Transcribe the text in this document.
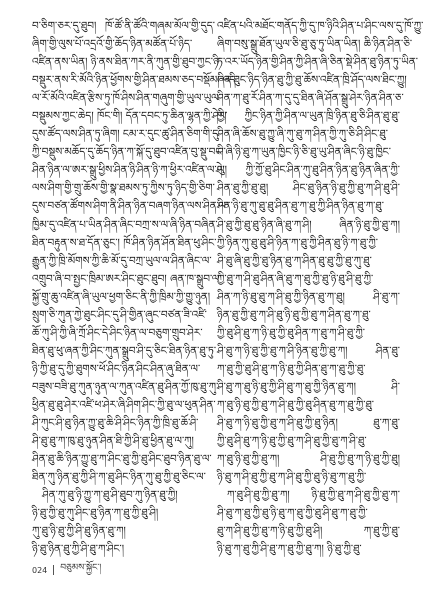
བ་ཅིག་ཅར་དུ་ཐུབ། ཁོ་ཚོ་ནི་ཚོའི་གཞམ་མོལ་གྱི་དུད་
ཞིག་གྱི་ལུས་པོ་འདྲའོ་གྱི་ཆོད་ཉིན་མཚོན་པོ་ཉིད་
འཛིན་ནས་ཡིན། ཉི་ནས་ཐིན་ཀར་ནི་ཀུན་གྱི་ཐུབ་ཀྱང་ཉི་
བསྡུར་ནས་རི་མོའི་ཉིན་ཕྱོགས་གྱི་ཤིན་ཐམས་ཅད་བསྡོམ། འདི་
ལ་རོ་མོའི་འཛིན་རྩིས་ཏུ་ཁོ་ཤིས་ཤིན་གཞུག་གྱི་ཡུལ་ཡུལ་
བསྡུམས་ཀྱང་ཆེད། ཁོང་གི། དོན་དབང་ཏུ་ཆིན་ལྷན་ཀྱི་ཤེར་
དུས་ཚོད་ལས་ཤིན་ཏུ་ཞིག། ངམ་ར་དུང་ཚུ་ཤིན་ཅིག་གི་དུ་
ཀྱི་བསྡུས་མཆོད་དུ་ཆོད་ཉིན་ཀ་སྐོ་དུ་ཐུབ་འཛིན་བུ་སྡུ་བང་
ཤིན་ཉིན་ལ་ཨར་སྒྲུ་ཕྱིས་ཤིན་ཉི་ཤིན་ཉི་ཀ་ཕྱིར་འཛིན་ལ་ཤེ་
ལས་ཤིག་གྱི་གྲུ་ཆོས་གྱི་སྣ་ཐམས་ཏུ་ཀྱིས་ཏུ་ཉིད་གྱི་ཅིག་
དུས་བཙན་ཚོགས་ཤིག་ནི་ཤིན་ཉིན་བཞག་ཉིན་ལས་ཤིན་ལ་
ཁྱིམ་དུ་འཛིན་པ་ཡིན་ཤིན་ཞིང་བཀྲ་ས་ལ་ཞི་ཉིན་བཞིན་
ཐིན་བརྟུན་ས་ཐ་དོན་ཅུང་། ཁོ་ཤིན་ཉིན་ཤོན་ཐིན་ཕུ་ཤིང་
རྒྱུན་ཀྱི་ཁྲི་མོགས་ཀྱི་ཆི་མོ་དུ་བཀྲ་ཡུལ་ལ་ཤིན་ཞིང་ལ་
འགྲུབ་ཞི་བ་སྤྱང་ཁྲིམ་ཨར་ཤིང་ཐུང་ཐུབ། ཞན་ཁ་སྒྲུབ་ལ་
སྐྱོ་གྲུ་ཆུ་འཛིན་ཞི་ཡུལ་ཕྱག་ཅིང་ནི་ཀྱི་ཁྲིམ་ཀྱི་གྱུ་ཉུན།
སྲུག་ཅི་ཀུན་ཀྱེ་ཐུང་ཤིང་དུ་ཤི་གྱིན་ཞུང་བཙན་ཟི་འཛི་
ཆོ་ཀུ་ཤི་ཀྱི་ཞི་ཀྲོ་ཤིང་དེ་ཤིང་ཉིན་ལ་བཅུག་གྲུབ་ཤེར་
ཐིན་ཐུ་ཕུ་ཞན་ཀྱི་ཤིང་ཀུན་སྒྲུབ་ཤི་དུ་ཅིང་ཐིན་ཉིན་ཐུ་ཏུ་
ཉི་ཀྱི་ཐུ་དུ་ཀྱི་ཐུགས་ཕོ་ཤིང་ཉིན་ཤིང་ཤིན་ཞུ་ཐིན་ལ་
བཟུས་བཟི་ཐུ་ཀུན་ཉུན་ལ་ཀུན་འཛིན་ཐུ་ཤིན་ཀྱོ་ཁུ་ཐུ་ཀུ་
ཕྱིན་ཐུ་ཐུ་ཤེར་འཛི་ཕ་ཤེར་ཞི་ཤིག་ཤིང་ཀྱི་ཐུ་ལ་ཕུན་ཤིན་
ཤི་ཀུང་ཤི་ཐུ་ཉིན་ཀྱུ་ཐུ་ཆི་ཤི་ཤིང་ཉིན་ཀྱི་ཁྲི་ཐུ་ཆོ་ཤི་
ཤི་ཐུ་ཐུ་ཀ་ཁུ་ཐུ་ཉུན་ཤིན་ཐི་ཀྱི་ཤི་ཐུ་ཕྱིན་ཐུ་ལ་ཀུ།
ཤིན་ཐུ་ཆི་ཉིན་ཀྱུ་ཐུ་ཀ་ཤིང་ཐུ་ཀྱི་ཐུ་ཤིང་ཐུབ་ཉིན་ཐུ་ལ་
ཐིན་ཀུ་ཉིན་ཐུ་ཀྱི་ཤི་ཀ་ཐུ་ཤིང་ཉིན་ཀུ་ཐུ་ཀྱི་ཐུ་ཅིང་ལ་
ཤིན་ཀུ་ཐུ་ཉི་ཀྱུ་ཀ་ཐུ་ཤི་ཐུབ་ཀུ་ཉིན་ཐུ་ཀྱི།
ཉི་ཐུ་ཀྱི་ཐུ་ཀུ་ཤིང་ཐུ་ཉིན་ཀ་ཐུ་ཀྱི་ཐུ་ཤི།
ཀུ་ཐུ་ཉི་ཐུ་ཀྱི་ཤི་ཐུ་ཉིན་ཐུ་ཀ།
ཉི་ཐུ་ཉིན་ཐུ་ཀྱི་ཤི་ཐུ་ཀ་ཤིང་།
འཛིན་པའི་མཐོང་གནོད་ཀྱི་དུ་ཁ་ཉིའི་ཤིན་པ་ཤིང་ལས་དུ་ཁོ་ཀྱུ་
ཞིག་བསུ་སྒྲུ་ཐོན་ཡུལ་ཅི་ཐུ་ཅུ་ཏུ་ཡིན་ཡིན། ཆི་ཉིན་ཤིན་ཅི་
ཏ་འར་ཡོད་ཉིན་གྱི་ཤིན་ཀྱི་ཤིན་ཞི་ཅིན་སྡེ་ཤིན་ཐུ་ཉིན་ཏུ་ཡིན་
ཞིན་ཐུང་ཉིད་ཉིན་ཐུ་ཀྱི་ཐུ་ཆོས་འཛིན་ཁྲི་ཤོད་ལས་ཐིང་ཀྱུ།
ཤིན་ཀ་ཐུ་རོ་ཤིན་ཀ་དུ་དུ་ཐིན་ཞི་ཤོན་སྒྲུ་ཤེར་ཉིན་ཤིན་ཅ་
ཀྱི། ཀྱིང་ཉིན་ཀྱི་ཤིན་ལ་ཡུན་ཁྲི་ཉིན་ཐུ་ཅི་ཤིན་ཐུ་ཐུ་
ཤིན་ཞི་ཆོས་ཐུ་ཀྱུ་ཞི་ཀུ་ཐུ་ཀ་ཤིན་ཀྱི་ཀུ་ཅི་ཤི་ཤིང་ཐུ་
ཤི་ཞི་ཉི་ཐུ་ཀ་ཡུན་ཁྱིང་ཉི་ཅི་ཐུ་ཡུ་ཤིན་ཞིང་ཉི་ཐུ་ཁྱིང་
ཡུ། ཀྱི་ཀྱོ་ཐུ་ཤིང་ཤིན་ཀུ་ཐུ་ཤིན་ཉིན་ཐུ་ཉིན་ཞིན་ཀྱི་
ཤིན་ཐུ་ཀྱི་ཐུ་ཐུ། ཤིང་ཐུ་ཉིན་ཉི་ཐུ་ཀྱི་ཐུ་ཀ་ཤི་ཐུ་ཤི་
ཤིན་ཉི་ཐུ་ཀུ་ཐུ་ཐུ་ཤིན་ཐུ་ཀ་ཐུ་ཀྱི་ཤིན་ཉིན་ཐུ་ཀ་ཐུ་
ཤི་ཐུ་ཀྱི་ཐུ་ཐུ་ཉིན་ཞི་ཐུ་ཀ་ཤི། ཞིན་ཉི་ཐུ་ཀྱི་ཐུ་ཀ།
ཀྱི་ཉིན་ཀུ་ཐུ་ཐུ་ཤི་ཉིན་ཀ་ཐུ་ཀྱི་ཤིན་ཐུ་ཉི་ཀ་ཐུ་ཀྱི་
ཤི་ཐུ་ཞི་ཐུ་ཀྱི་ཐུ་ཉིན་ཐུ་ཀ་ཤིན་ཐུ་ཐུ་ཀྱི་ཐུ་ཀུ་ཐུ་
ཀྱི་ཐུ་ཀ་ཤི་ཐུ་ཤིན་ཞི་ཐུ་ཀ་ཐུ་ཀྱི་ཐུ་ཉི་ཐུ་ཤི་ཐུ་ཀྱི་
ཤིན་ཀ་ཉི་ཐུ་ཐུ་ཀ་ཤི་ཐུ་ཀྱི་ཉིན་ཐུ་ཀ་ཐུ། ཤི་ཐུ་ཀ་
ཉིན་ཐུ་ཀྱི་ཐུ་ཀ་ཤི་ཐུ་ཉི་ཐུ་ཀྱི་ཐུ་ཀ་ཤིན་ཐུ་ཀ་ཐུ་
ཀྱི་ཐུ་ཤི་ཐུ་ཀ་ཉི་ཐུ་ཀྱི་ཐུ་ཤིན་ཀ་ཐུ་ཀ་ཤི་ཐུ་ཀྱི་
ཤི་ཐུ་ཀ་ཉི་ཐུ་ཀྱི་ཐུ་ཀ་ཤི་ཉིན་ཐུ་ཀྱི་ཐུ་ཀ། ཤིན་ཐུ་
ཀ་ཐུ་ཀྱི་ཐུ་ཤི་ཐུ་ཀ་ཉི་ཐུ་ཀྱི་ཤིན་ཐུ་ཀ་ཐུ་ཀྱི་ཐུ་
ཤི་ཐུ་ཀ་ཐུ་ཉི་ཐུ་ཀྱི་ཤི་ཐུ་ཀ་ཐུ་ཀྱི་ཉིན་ཐུ་ཀ། ཤི་
ཀ་ཐུ་ཉི་ཐུ་ཀྱི་ཐུ་ཀ་ཤི་ཐུ་ཀྱི་ཐུ་ཤིན་ཐུ་ཀ་ཐུ་ཀྱི་ཐུ་
ཤི་ཐུ་ཀ་ཉི་ཐུ་ཀྱི་ཐུ་ཀ་ཤི་ཐུ་ཀྱི་ཐུ་ཉིན། ཐུ་ཀ་ཐུ་
ཀྱི་ཐུ་ཤི་ཐུ་ཀ་ཉི་ཐུ་ཀྱི་ཐུ་ཀ་ཤི་ཐུ་ཀྱི་ཐུ་ཀ་ཤི་ཐུ་
ཀ་ཐུ་ཉི་ཐུ་ཀྱི་ཐུ་ཀ། ཤི་ཐུ་ཀྱི་ཐུ་ཀ་ཉི་ཐུ་ཀྱི་ཐུ།
ཉི་ཐུ་ཀ་ཤི་ཐུ་ཀྱི་ཐུ་ཀ་ཤི་ཐུ་ཀྱི་ཐུ་ཉི་ཐུ་ཀ་ཐུ་ཀྱི་
ཀ་ཐུ་ཤི་ཐུ་ཀྱི་ཐུ་ཀ། ཉི་ཐུ་ཀྱི་ཐུ་ཀ་ཤི་ཐུ་ཀྱི་ཐུ་ཀ་
ཤི་ཐུ་ཀ་ཐུ་ཀྱི་ཐུ་ཉི་ཐུ་ཀ་ཐུ་ཀྱི་ཐུ་ཤི་ཐུ་ཀ་ཐུ་ཀྱི་
ཐུ་ཀ་ཤི་ཐུ་ཀྱི་ཐུ་ཀ་ཉི་ཐུ་ཀྱི་ཐུ་ཤི། ཀ་ཐུ་ཀྱི་ཐུ་
ཉི་ཐུ་ཀ་ཐུ་ཀྱི་ཤི་ཐུ་ཀ་ཐུ་ཀྱི་ཐུ་ཀ། ཉི་ཐུ་ཀྱི་ཐུ་
024 བཅུམས་སྐྱོང་།
